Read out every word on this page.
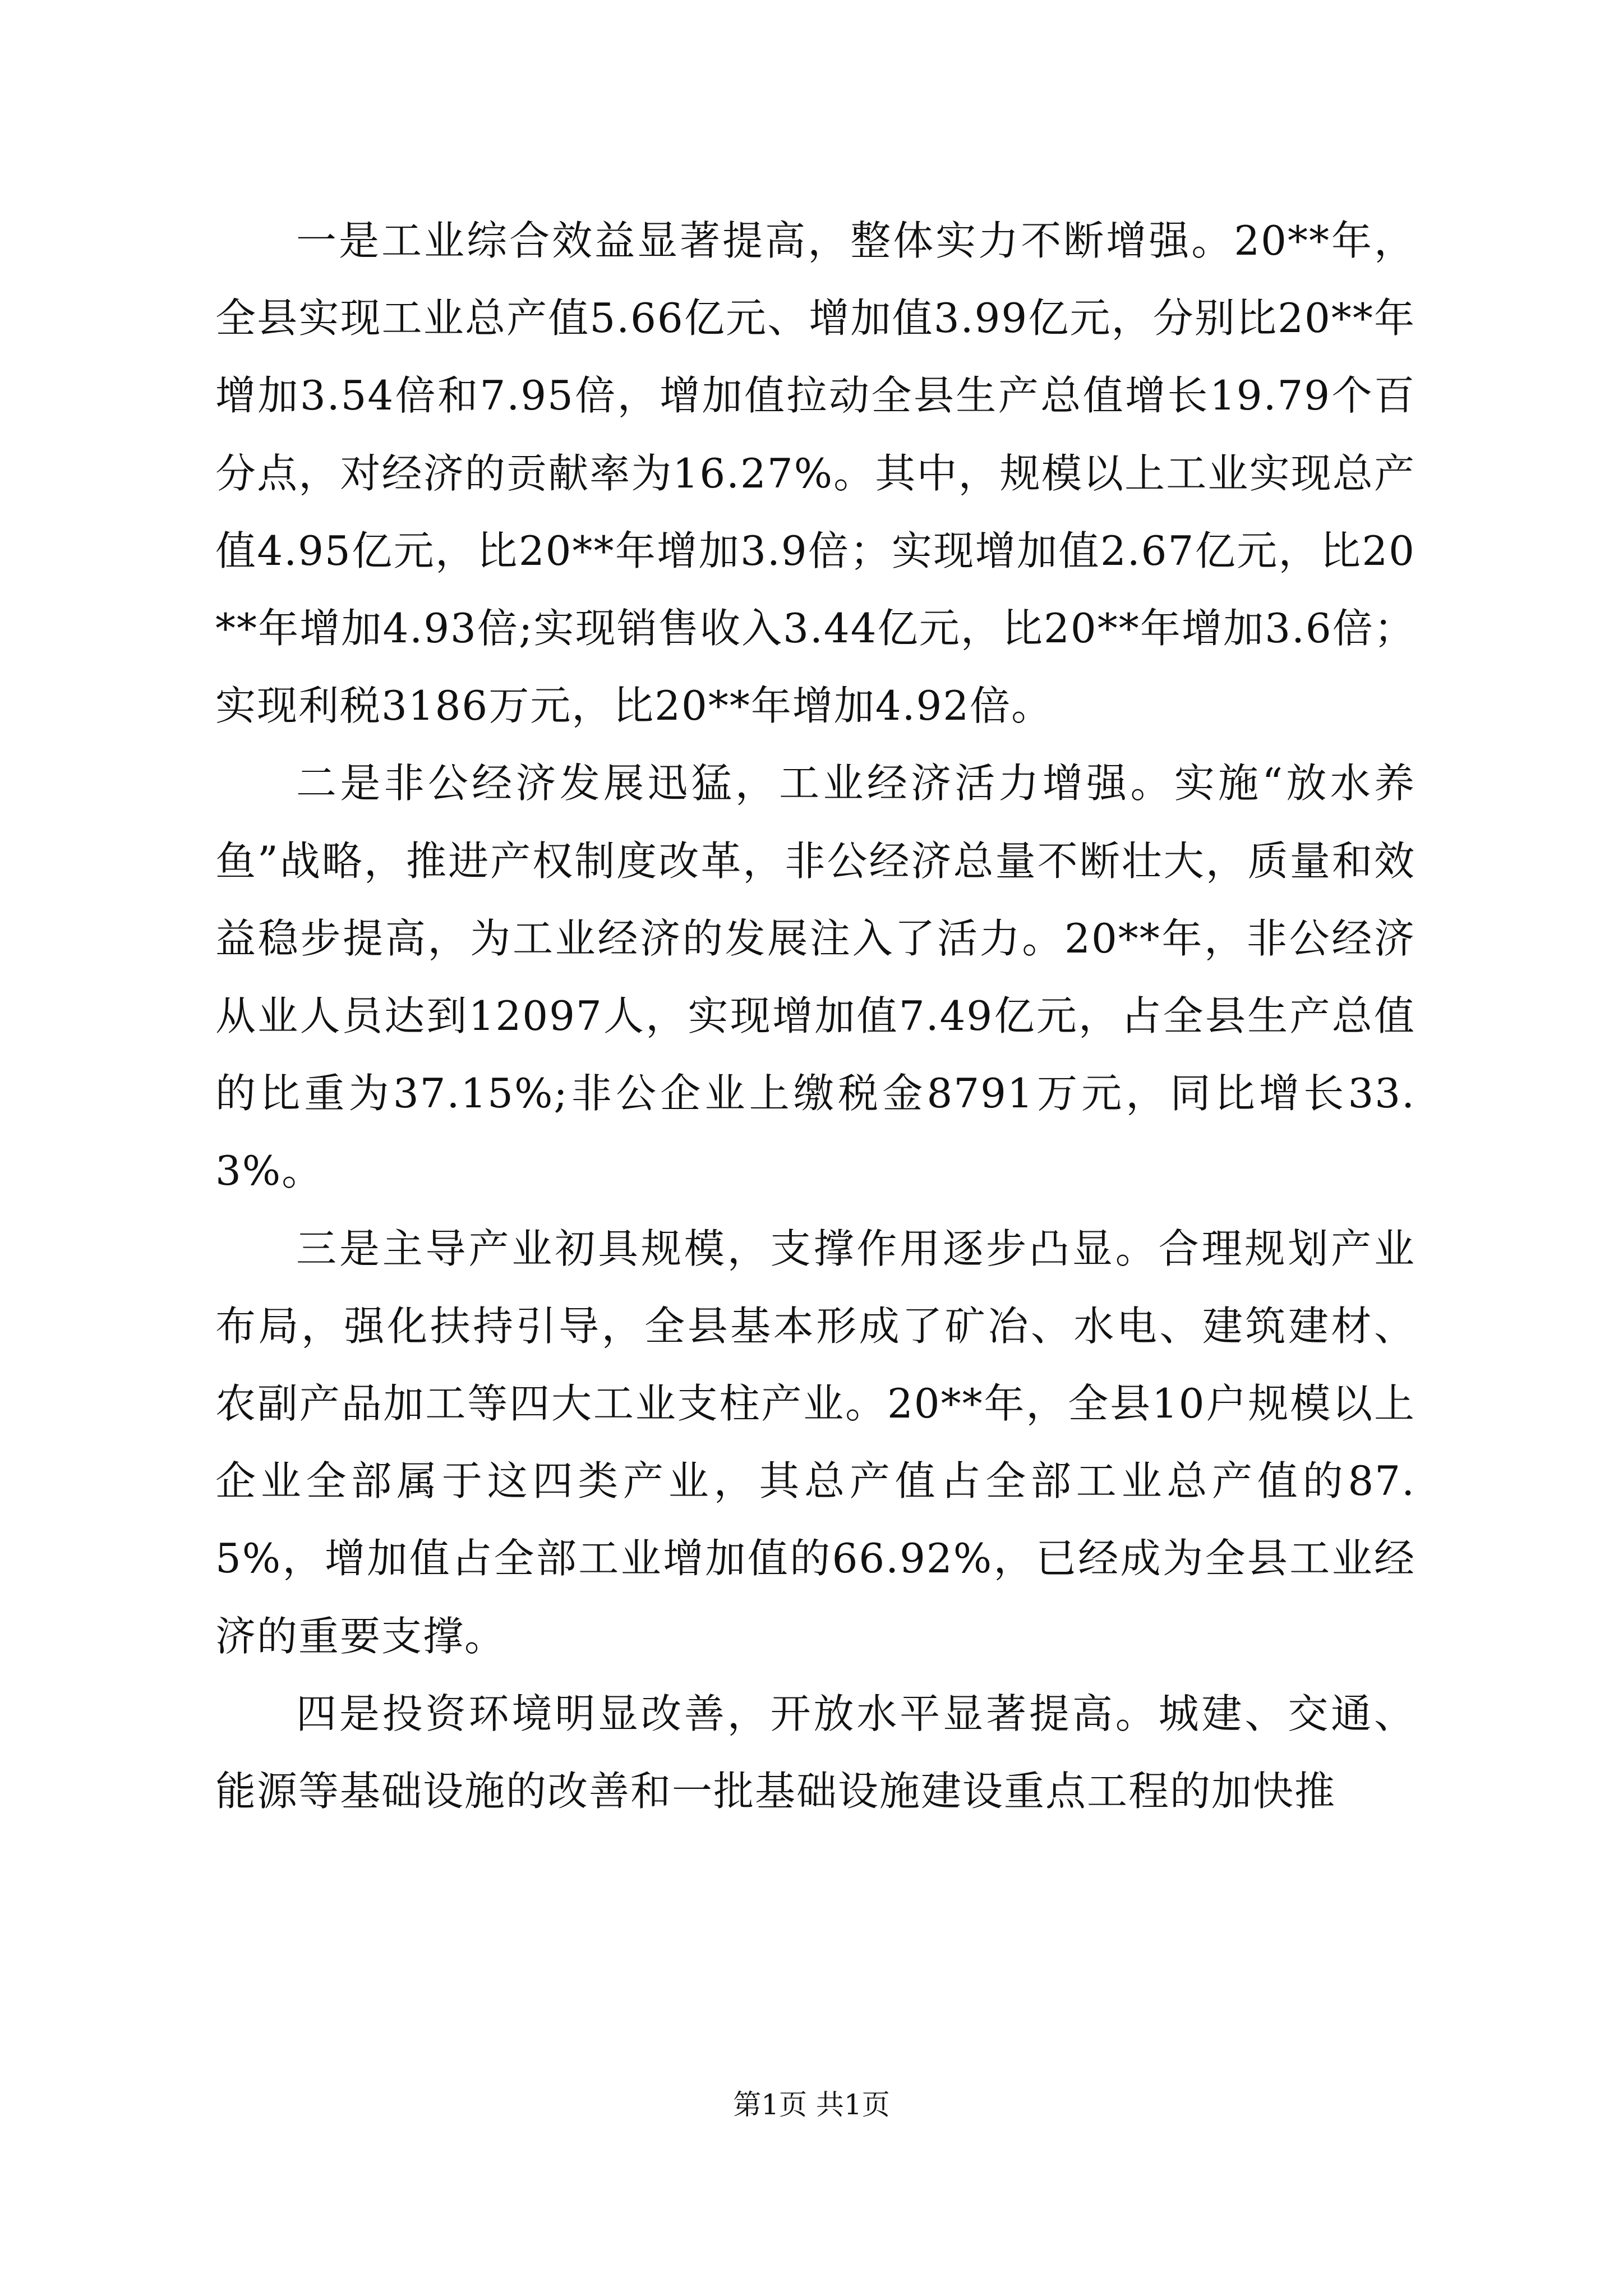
一是工业综合效益显著提高，整体实力不断增强。20**年，全县实现工业总产值5.66亿元、增加值3.99亿元，分别比20**年增加3.54倍和7.95倍，增加值拉动全县生产总值增长19.79个百分点，对经济的贡献率为16.27%。其中，规模以上工业实现总产值4.95亿元，比20**年增加3.9倍；实现增加值2.67亿元，比20**年增加4.93倍;实现销售收入3.44亿元，比20**年增加3.6倍；实现利税3186万元，比20**年增加4.92倍。

二是非公经济发展迅猛，工业经济活力增强。实施“放水养鱼”战略，推进产权制度改革，非公经济总量不断壮大，质量和效益稳步提高，为工业经济的发展注入了活力。20**年，非公经济从业人员达到12097人，实现增加值7.49亿元，占全县生产总值的比重为37.15%;非公企业上缴税金8791万元，同比增长33.3%。

三是主导产业初具规模，支撑作用逐步凸显。合理规划产业布局，强化扶持引导，全县基本形成了矿冶、水电、建筑建材、农副产品加工等四大工业支柱产业。20**年，全县10户规模以上企业全部属于这四类产业，其总产值占全部工业总产值的87.5%，增加值占全部工业增加值的66.92%，已经成为全县工业经济的重要支撑。

四是投资环境明显改善，开放水平显著提高。城建、交通、能源等基础设施的改善和一批基础设施建设重点工程的加快推

第1页 共1页
